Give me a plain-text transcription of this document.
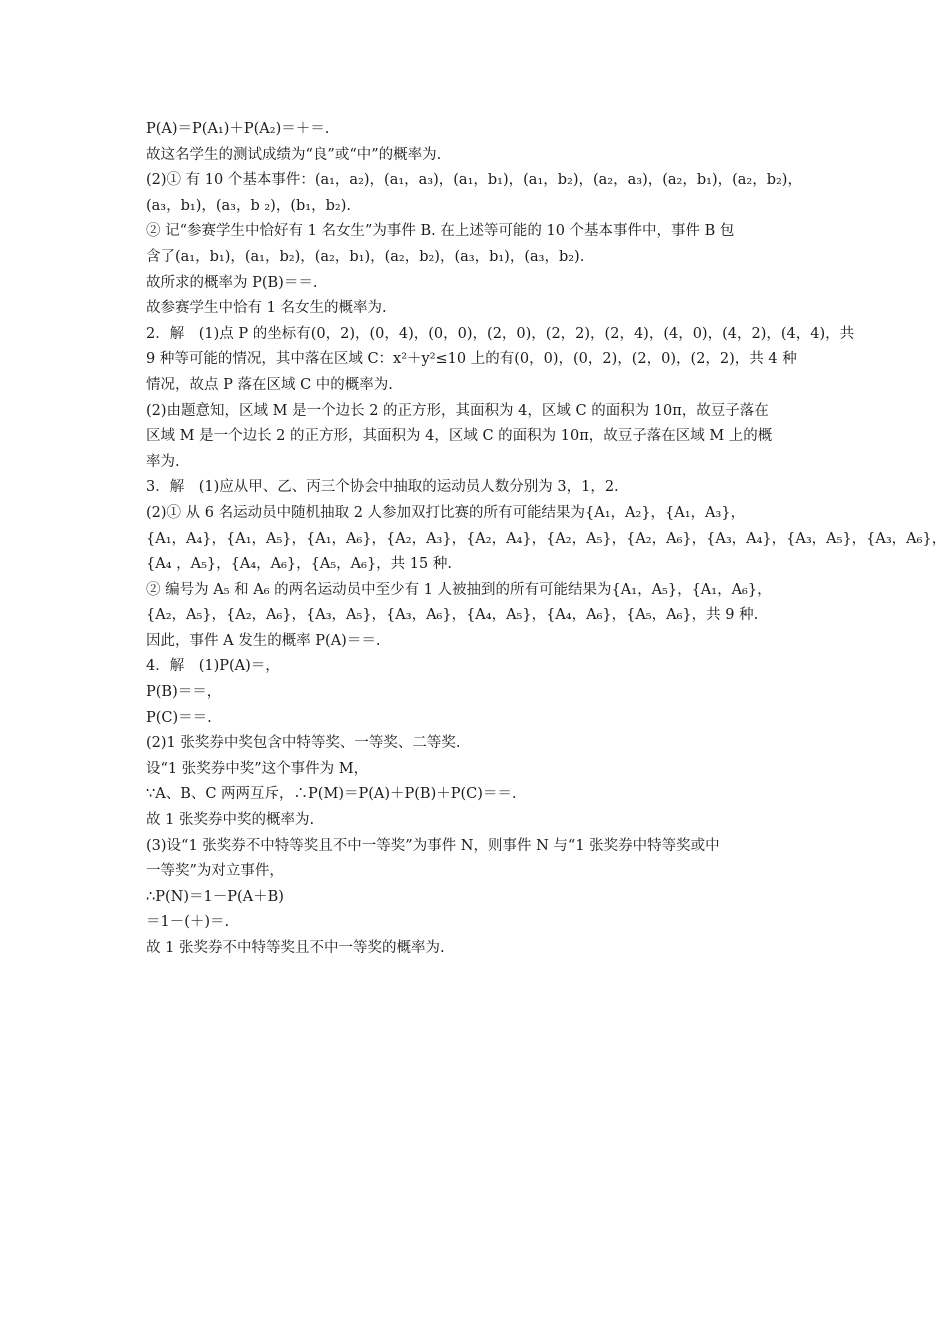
P(A)＝P(A₁)＋P(A₂)＝＋＝.
故这名学生的测试成绩为“良”或“中”的概率为.
(2)① 有 10 个基本事件：(a₁，a₂)，(a₁，a₃)，(a₁，b₁)，(a₁，b₂)，(a₂，a₃)，(a₂，b₁)，(a₂，b₂)，
(a₃，b₁)，(a₃，b ₂)，(b₁，b₂).
② 记“参赛学生中恰好有 1 名女生”为事件 B. 在上述等可能的 10 个基本事件中，事件 B 包
含了(a₁，b₁)，(a₁，b₂)，(a₂，b₁)，(a₂，b₂)，(a₃，b₁)，(a₃，b₂).
故所求的概率为 P(B)＝＝.
故参赛学生中恰有 1 名女生的概率为.
2．解　(1)点 P 的坐标有(0，2)，(0，4)，(0，0)，(2，0)，(2，2)，(2，4)，(4，0)，(4，2)，(4，4)，共
9 种等可能的情况，其中落在区域 C：x²＋y²≤10 上的有(0，0)，(0，2)，(2，0)，(2，2)，共 4 种
情况，故点 P 落在区域 C 中的概率为.
(2)由题意知，区域 M 是一个边长 2 的正方形，其面积为 4，区域 C 的面积为 10π，故豆子落在
区域 M 是一个边长 2 的正方形，其面积为 4，区域 C 的面积为 10π，故豆子落在区域 M 上的概
率为.
3．解　(1)应从甲、乙、丙三个协会中抽取的运动员人数分别为 3，1，2.
(2)① 从 6 名运动员中随机抽取 2 人参加双打比赛的所有可能结果为{A₁，A₂}，{A₁，A₃}，
{A₁，A₄}，{A₁，A₅}，{A₁，A₆}，{A₂，A₃}，{A₂，A₄}，{A₂，A₅}，{A₂，A₆}，{A₃，A₄}，{A₃，A₅}，{A₃，A₆}，
{A₄ ，A₅}，{A₄，A₆}，{A₅，A₆}，共 15 种.
② 编号为 A₅ 和 A₆ 的两名运动员中至少有 1 人被抽到的所有可能结果为{A₁，A₅}，{A₁，A₆}，
{A₂，A₅}，{A₂，A₆}，{A₃，A₅}，{A₃，A₆}，{A₄，A₅}，{A₄，A₆}，{A₅，A₆}，共 9 种.
因此，事件 A 发生的概率 P(A)＝＝.
4．解　(1)P(A)＝，
P(B)＝＝，
P(C)＝＝.
(2)1 张奖券中奖包含中特等奖、一等奖、二等奖.
设“1 张奖券中奖”这个事件为 M，
∵A、B、C 两两互斥，∴P(M)＝P(A)＋P(B)＋P(C)＝＝.
故 1 张奖券中奖的概率为.
(3)设“1 张奖券不中特等奖且不中一等奖”为事件 N，则事件 N 与“1 张奖券中特等奖或中
一等奖”为对立事件，
∴P(N)＝1－P(A＋B)
＝1－(＋)＝.
故 1 张奖券不中特等奖且不中一等奖的概率为.
